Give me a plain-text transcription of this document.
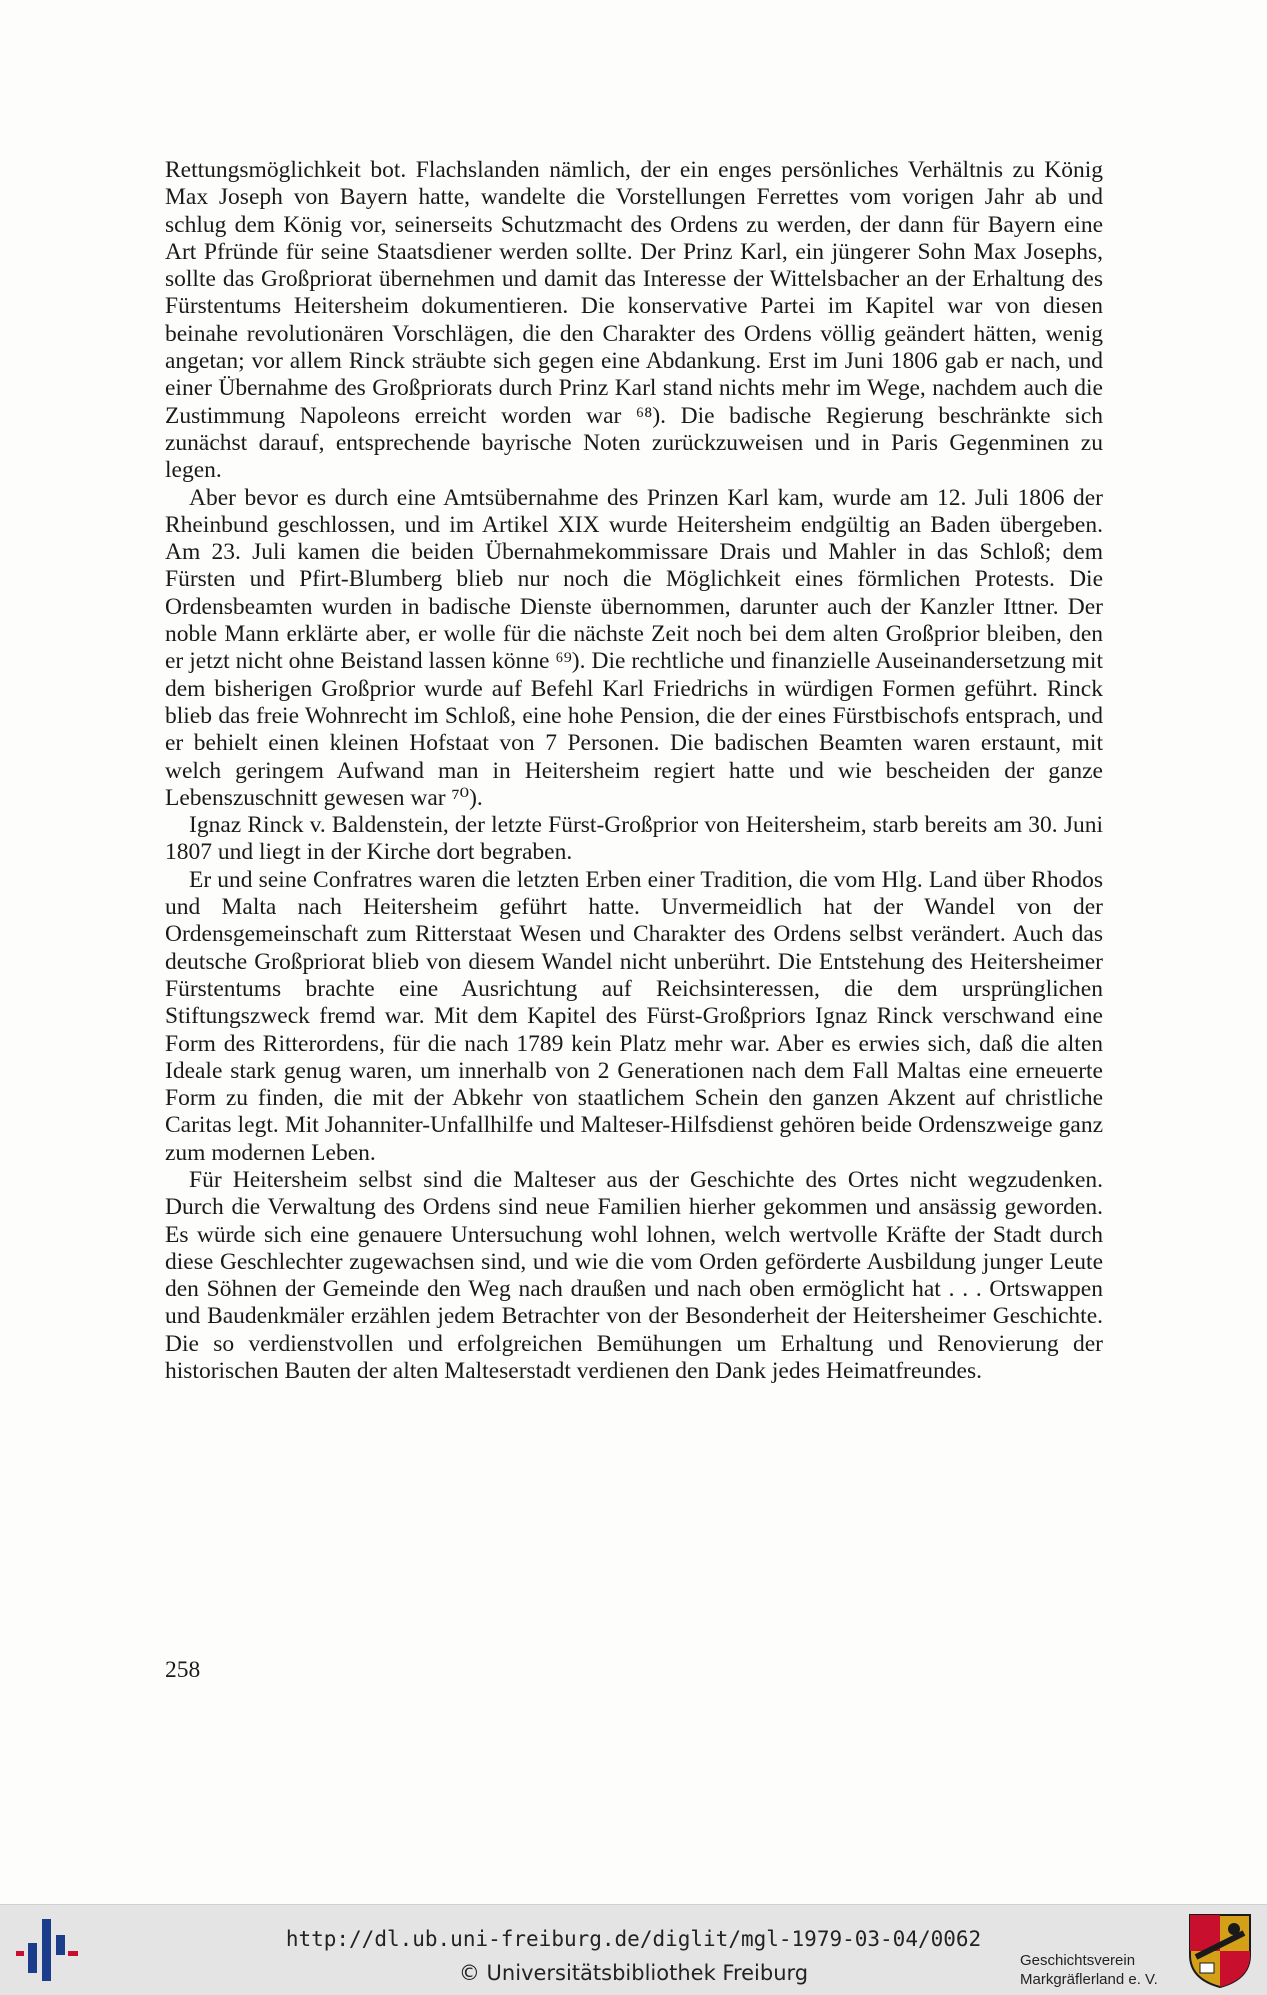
Rettungsmöglichkeit bot. Flachslanden nämlich, der ein enges persönliches Verhältnis zu König Max Joseph von Bayern hatte, wandelte die Vorstellungen Ferrettes vom vorigen Jahr ab und schlug dem König vor, seinerseits Schutzmacht des Ordens zu werden, der dann für Bayern eine Art Pfründe für seine Staatsdiener werden sollte. Der Prinz Karl, ein jüngerer Sohn Max Josephs, sollte das Großpriorat übernehmen und damit das Interesse der Wittelsbacher an der Erhaltung des Fürstentums Heitersheim dokumentieren. Die konservative Partei im Kapitel war von diesen beinahe revolutionären Vorschlägen, die den Charakter des Ordens völlig geändert hätten, wenig angetan; vor allem Rinck sträubte sich gegen eine Abdankung. Erst im Juni 1806 gab er nach, und einer Übernahme des Großpriorats durch Prinz Karl stand nichts mehr im Wege, nachdem auch die Zustimmung Napoleons erreicht worden war ⁶⁸). Die badische Regierung beschränkte sich zunächst darauf, entsprechende bayrische Noten zurückzuweisen und in Paris Gegenminen zu legen.

Aber bevor es durch eine Amtsübernahme des Prinzen Karl kam, wurde am 12. Juli 1806 der Rheinbund geschlossen, und im Artikel XIX wurde Heitersheim endgültig an Baden übergeben. Am 23. Juli kamen die beiden Übernahmekommissare Drais und Mahler in das Schloß; dem Fürsten und Pfirt-Blumberg blieb nur noch die Möglichkeit eines förmlichen Protests. Die Ordensbeamten wurden in badische Dienste übernommen, darunter auch der Kanzler Ittner. Der noble Mann erklärte aber, er wolle für die nächste Zeit noch bei dem alten Großprior bleiben, den er jetzt nicht ohne Beistand lassen könne ⁶⁹). Die rechtliche und finanzielle Auseinandersetzung mit dem bisherigen Großprior wurde auf Befehl Karl Friedrichs in würdigen Formen geführt. Rinck blieb das freie Wohnrecht im Schloß, eine hohe Pension, die der eines Fürstbischofs entsprach, und er behielt einen kleinen Hofstaat von 7 Personen. Die badischen Beamten waren erstaunt, mit welch geringem Aufwand man in Heitersheim regiert hatte und wie bescheiden der ganze Lebenszuschnitt gewesen war ⁷⁰).

Ignaz Rinck v. Baldenstein, der letzte Fürst-Großprior von Heitersheim, starb bereits am 30. Juni 1807 und liegt in der Kirche dort begraben.

Er und seine Confratres waren die letzten Erben einer Tradition, die vom Hlg. Land über Rhodos und Malta nach Heitersheim geführt hatte. Unvermeidlich hat der Wandel von der Ordensgemeinschaft zum Ritterstaat Wesen und Charakter des Ordens selbst verändert. Auch das deutsche Großpriorat blieb von diesem Wandel nicht unberührt. Die Entstehung des Heitersheimer Fürstentums brachte eine Ausrichtung auf Reichsinteressen, die dem ursprünglichen Stiftungszweck fremd war. Mit dem Kapitel des Fürst-Großpriors Ignaz Rinck verschwand eine Form des Ritterordens, für die nach 1789 kein Platz mehr war. Aber es erwies sich, daß die alten Ideale stark genug waren, um innerhalb von 2 Generationen nach dem Fall Maltas eine erneuerte Form zu finden, die mit der Abkehr von staatlichem Schein den ganzen Akzent auf christliche Caritas legt. Mit Johanniter-Unfallhilfe und Malteser-Hilfsdienst gehören beide Ordenszweige ganz zum modernen Leben.

Für Heitersheim selbst sind die Malteser aus der Geschichte des Ortes nicht wegzudenken. Durch die Verwaltung des Ordens sind neue Familien hierher gekommen und ansässig geworden. Es würde sich eine genauere Untersuchung wohl lohnen, welch wertvolle Kräfte der Stadt durch diese Geschlechter zugewachsen sind, und wie die vom Orden geförderte Ausbildung junger Leute den Söhnen der Gemeinde den Weg nach draußen und nach oben ermöglicht hat . . . Ortswappen und Baudenkmäler erzählen jedem Betrachter von der Besonderheit der Heitersheimer Geschichte. Die so verdienstvollen und erfolgreichen Bemühungen um Erhaltung und Renovierung der historischen Bauten der alten Malteserstadt verdienen den Dank jedes Heimatfreundes.

258
http://dl.ub.uni-freiburg.de/diglit/mgl-1979-03-04/0062
© Universitätsbibliothek Freiburg
Geschichtsverein
Markgräflerland e. V.
